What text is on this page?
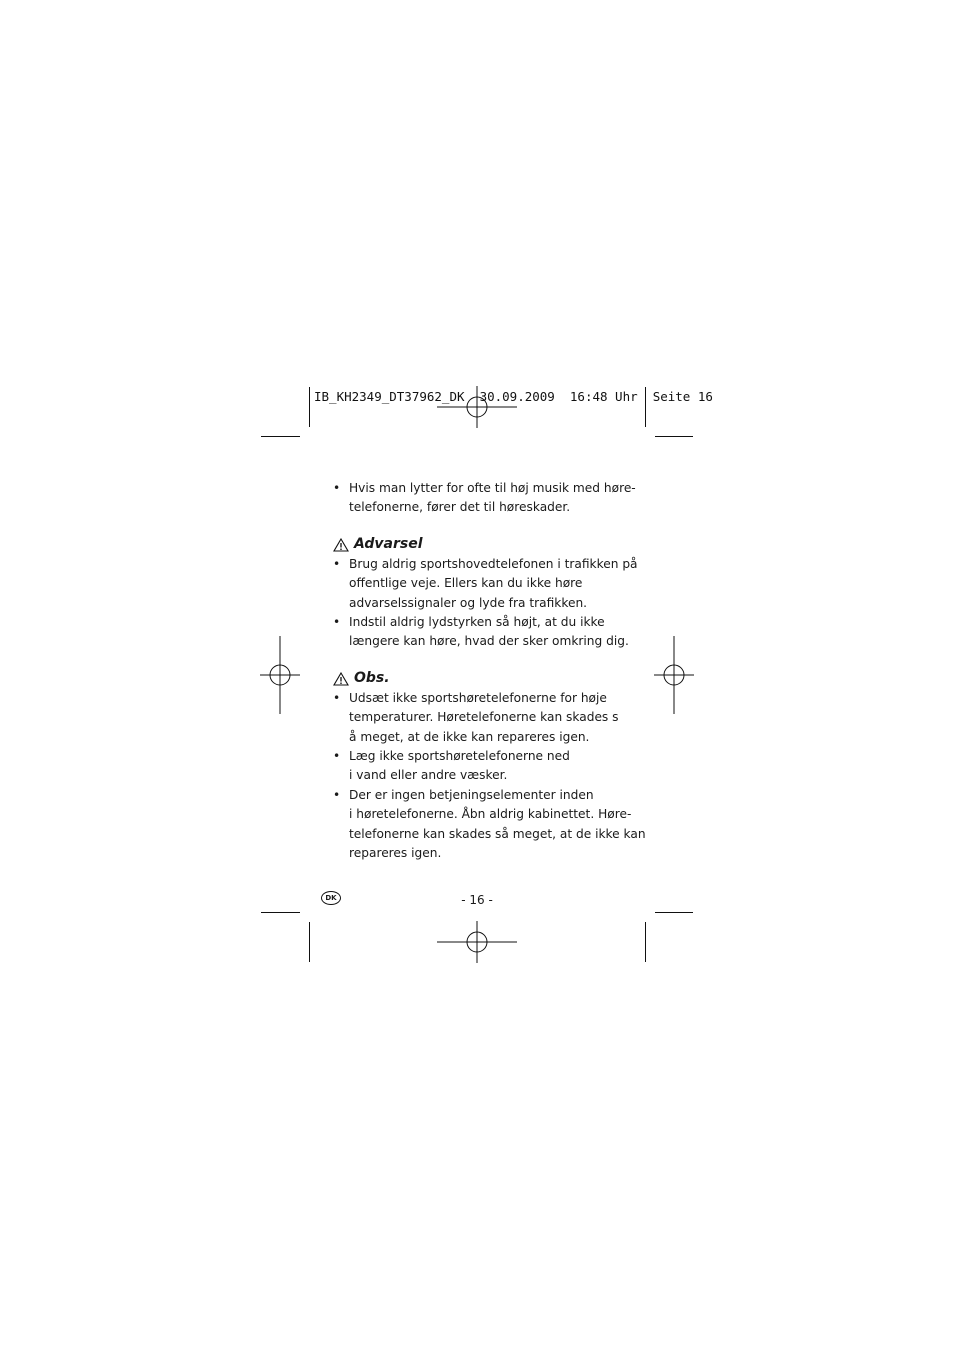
IB_KH2349_DT37962_DK 30.09.2009 16:48 Uhr Seite 16
• Hvis man lytter for ofte til høj musik med høre-
telefonerne, fører det til høreskader.
Advarsel
• Brug aldrig sportshovedtelefonen i trafikken på
offentlige veje. Ellers kan du ikke høre
advarselssignaler og lyde fra trafikken.
• Indstil aldrig lydstyrken så højt, at du ikke
længere kan høre, hvad der sker omkring dig.
Obs.
• Udsæt ikke sportshøretelefonerne for høje
temperaturer. Høretelefonerne kan skades s
å meget, at de ikke kan repareres igen.
• Læg ikke sportshøretelefonerne ned
i vand eller andre væsker.
• Der er ingen betjeningselementer inden
i høretelefonerne. Åbn aldrig kabinettet. Høre-
telefonerne kan skades så meget, at de ikke kan
repareres igen.
DK	- 16 -
